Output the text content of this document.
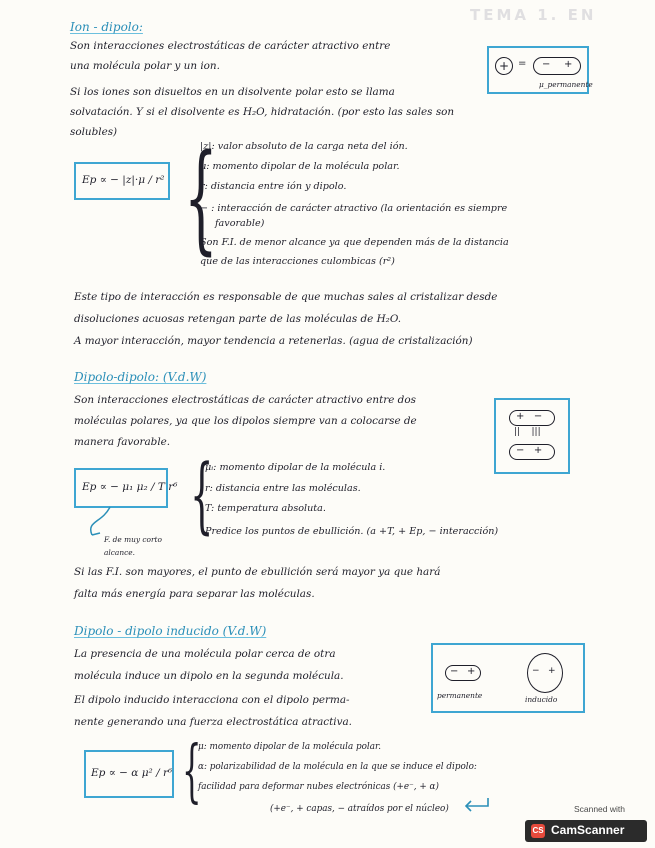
TEMA 1. EN
Ion - dipolo:
Son interacciones electrostáticas de carácter atractivo entre
una molécula polar y un ion.
Si los iones son disueltos en un disolvente polar esto se llama
solvatación. Y si el disolvente es H₂O, hidratación. (por esto las sales son
solubles)
+ = − +
μ_permanente
Ep ∝ − |z|·μ / r² {
|z|: valor absoluto de la carga neta del ión.
μ: momento dipolar de la molécula polar.
r: distancia entre ión y dipolo.
− : interacción de carácter atractivo (la orientación es siempre
favorable)
Son F.I. de menor alcance ya que dependen más de la distancia
que de las interacciones culombicas (r²)
Este tipo de interacción es responsable de que muchas sales al cristalizar desde
disoluciones acuosas retengan parte de las moléculas de H₂O.
A mayor interacción, mayor tendencia a retenerlas. (agua de cristalización)
Dipolo-dipolo: (V.d.W)
Son interacciones electrostáticas de carácter atractivo entre dos
moléculas polares, ya que los dipolos siempre van a colocarse de
manera favorable.
+   −
||    |||
−   +
Ep ∝ − μ₁ μ₂ / T r⁶
F. de muy corto alcance.
{
μᵢ: momento dipolar de la molécula i.
r: distancia entre las moléculas.
T: temperatura absoluta.
Predice los puntos de ebullición. (a +T, + Ep, − interacción)
Si las F.I. son mayores, el punto de ebullición será mayor ya que hará
falta más energía para separar las moléculas.
Dipolo - dipolo inducido (V.d.W)
La presencia de una molécula polar cerca de otra
molécula induce un dipolo en la segunda molécula.
El dipolo inducido interacciona con el dipolo perma-
nente generando una fuerza electrostática atractiva.
− +
permanente
− +
inducido
Ep ∝ − α μ² / r⁶ {
μ: momento dipolar de la molécula polar.
α: polarizabilidad de la molécula en la que se induce el dipolo:
facilidad para deformar nubes electrónicas (+e⁻, + α)
(+e⁻, + capas, − atraídos por el núcleo)	Scanned with
CS CamScanner
